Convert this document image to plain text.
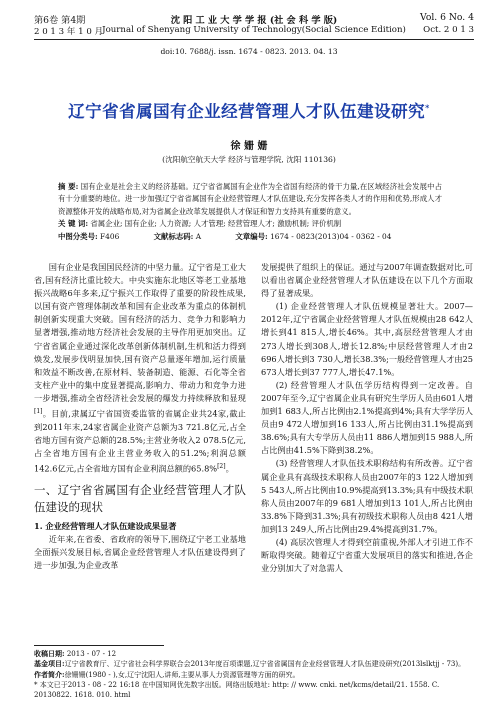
第6卷 第4期	沈 阳 工 业 大 学 学 报 (社 会 科 学 版)	Vol. 6 No. 4
2 0 1 3 年 1 0 月 Journal of Shenyang University of Technology(Social Science Edition)	Oct. 2 0 1 3
doi:10. 7688/j. issn. 1674 - 0823. 2013. 04. 13
辽宁省省属国有企业经营管理人才队伍建设研究*
徐 姗 姗
(沈阳航空航天大学 经济与管理学院, 沈阳 110136)

摘 要: 国有企业是社会主义的经济基础。辽宁省省属国有企业作为全省国有经济的骨干力量,在区域经济社会发展中占有十分重要的地位。进一步加强辽宁省省属国有企业经营管理人才队伍建设,充分发挥各类人才的作用和优势,形成人才资源整体开发的战略布局,对为省属企业改革发展提供人才保证和智力支持具有重要的意义。

关 键 词: 省属企业; 国有企业; 人力资源; 人才管理; 经营管理人才; 激励机制; 评价机制

中图分类号: F406	文献标志码: A	文章编号: 1674 - 0823(2013)04 - 0362 - 04

国有企业是我国国民经济的中坚力量。辽宁省是工业大省,国有经济比重比较大。中央实施东北地区等老工业基地振兴战略6年多来,辽宁振兴工作取得了重要的阶段性成果,以国有资产管理体制改革和国有企业改革为重点的体制机制创新实现重大突破。国有经济的活力、竞争力和影响力显著增强,推动地方经济社会发展的主导作用更加突出。辽宁省省属企业通过深化改革创新体制机制,生机和活力得到焕发,发展步伐明显加快,国有资产总量逐年增加,运行质量和效益不断改善,在原材料、装备制造、能源、石化等全省支柱产业中的集中度显著提高,影响力、带动力和竞争力进一步增强,推动全省经济社会发展的爆发力持续释放和显现[1]。目前,隶属辽宁省国资委监管的省属企业共24家,截止到2011年末,24家省属企业资产总额为3 721.8亿元,占全省地方国有资产总额的28.5%;主营业务收入2 078.5亿元,占全省地方国有企业主营业务收入的51.2%;利润总额142.6亿元,占全省地方国有企业利润总额的65.8%[2]。

一、辽宁省省属国有企业经营管理人才队伍建设的现状

1. 企业经营管理人才队伍建设成果显著

近年来,在省委、省政府的领导下,围绕辽宁老工业基地全面振兴发展目标,省属企业经营管理人才队伍建设得到了进一步加强,为企业改革

发展提供了组织上的保证。通过与2007年调查数据对比,可以看出省属企业经营管理人才队伍建设在以下几个方面取得了显著成果。

(1) 企业经营管理人才队伍规模显著壮大。2007—2012年,辽宁省属企业经营管理人才队伍规模由28 642人增长到41 815人,增长46%。其中,高层经营管理人才由273人增长到308人,增长12.8%;中层经营管理人才由2 696人增长到3 730人,增长38.3%;一般经营管理人才由25 673人增长到37 777人,增长47.1%。

(2) 经营管理人才队伍学历结构得到一定改善。自2007年至今,辽宁省属企业具有研究生学历人员由601人增加到1 683人,所占比例由2.1%提高到4%;具有大学学历人员由9 472人增加到16 133人,所占比例由31.1%提高到38.6%;具有大专学历人员由11 886人增加到15 988人,所占比例由41.5%下降到38.2%。

(3) 经营管理人才队伍技术职称结构有所改善。辽宁省属企业具有高级技术职称人员由2007年的3 122人增加到5 543人,所占比例由10.9%提高到13.3%;具有中级技术职称人员由2007年的9 681人增加到13 101人,所占比例由33.8%下降到31.3%;具有初级技术职称人员由8 421人增加到13 249人,所占比例由29.4%提高到31.7%。

(4) 高层次管理人才得到空前重视,外部人才引进工作不断取得突破。随着辽宁省重大发展项目的落实和推进,各企业分别加大了对急需人

收稿日期: 2013 - 07 - 12

基金项目:辽宁省教育厅、辽宁省社会科学界联合会2013年度百项课题,辽宁省省属国有企业经营管理人才队伍建设研究(2013lslktjj - 73)。

作者简介:徐姗姗(1980 - ),女,辽宁沈阳人,讲师,主要从事人力资源管理等方面的研究。

* 本文已于2013 - 08 - 22 16:18 在中国知网优先数字出版。网络出版地址: http: // www. cnki. net/kcms/detail/21. 1558. C. 20130822. 1618. 010. html
